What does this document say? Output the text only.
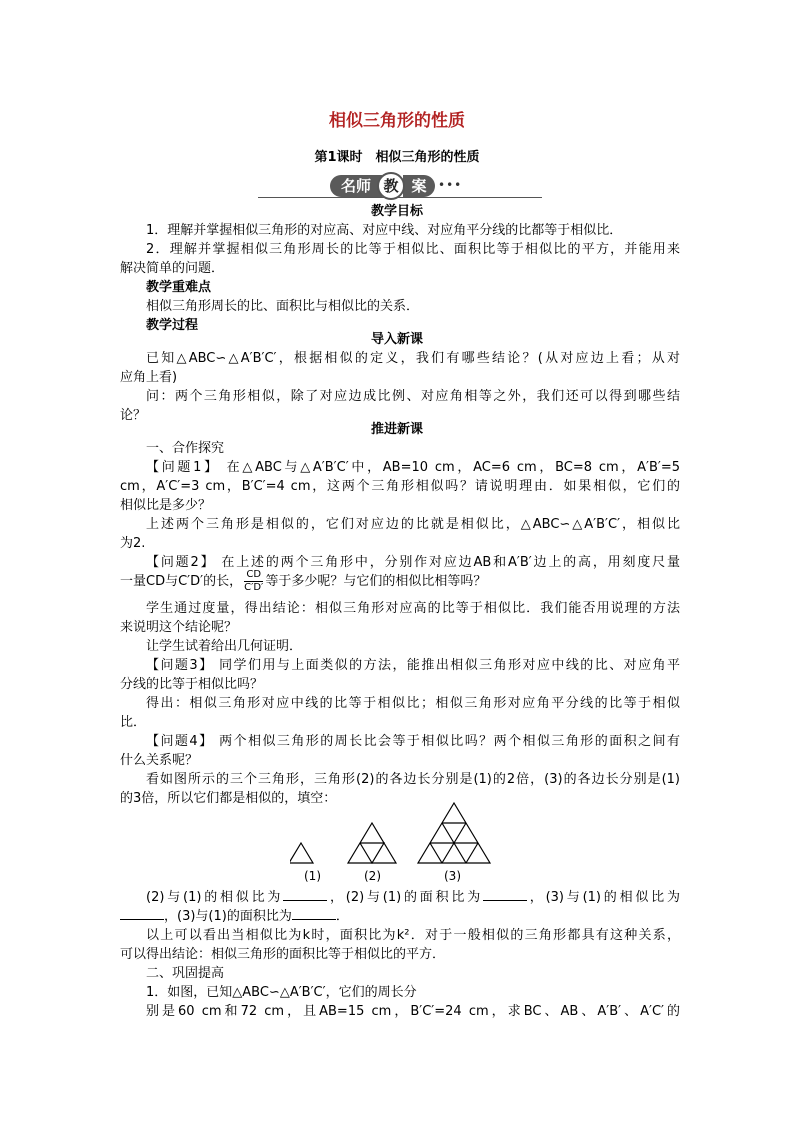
相似三角形的性质
第1课时　相似三角形的性质
名师	案
教	•••
教学目标
1．理解并掌握相似三角形的对应高、对应中线、对应角平分线的比都等于相似比．
2．理解并掌握相似三角形周长的比等于相似比、面积比等于相似比的平方，并能用来
解决简单的问题．
教学重难点
相似三角形周长的比、面积比与相似比的关系．
教学过程
导入新课
已知△ABC∽△A′B′C′，根据相似的定义，我们有哪些结论？(从对应边上看；从对
应角上看)
问：两个三角形相似，除了对应边成比例、对应角相等之外，我们还可以得到哪些结
论？
推进新课
一、合作探究
【问题1】 在△ABC与△A′B′C′中，AB=10 cm，AC=6 cm，BC=8 cm，A′B′=5
cm，A′C′=3 cm，B′C′=4 cm，这两个三角形相似吗？请说明理由．如果相似，它们的
相似比是多少？
上述两个三角形是相似的，它们对应边的比就是相似比，△ABC∽△A′B′C′，相似比
为2.
【问题2】 在上述的两个三角形中，分别作对应边AB和A′B′边上的高，用刻度尺量
一量CD与C′D′的长， $\frac{CD}{C'D'}$ 等于多少呢？与它们的相似比相等吗？
学生通过度量，得出结论：相似三角形对应高的比等于相似比．我们能否用说理的方法
来说明这个结论呢？
让学生试着给出几何证明．
【问题3】 同学们用与上面类似的方法，能推出相似三角形对应中线的比、对应角平
分线的比等于相似比吗？
得出：相似三角形对应中线的比等于相似比；相似三角形对应角平分线的比等于相似
比．
【问题4】 两个相似三角形的周长比会等于相似比吗？两个相似三角形的面积之间有
什么关系呢？
看如图所示的三个三角形，三角形(2)的各边长分别是(1)的2倍，(3)的各边长分别是(1)
的3倍，所以它们都是相似的，填空：
(1)	(2)	(3)
(2)与(1)的相似比为	，(2)与(1)的面积比为	，(3)与(1)的相似比为
，(3)与(1)的面积比为	．
以上可以看出当相似比为k时，面积比为k²．对于一般相似的三角形都具有这种关系，
可以得出结论：相似三角形的面积比等于相似比的平方．
二、巩固提高
1．如图，已知△ABC∽△A′B′C′，它们的周长分
别是60 cm和72 cm，且AB=15 cm，B′C′=24 cm，求BC、AB、A′B′、A′C′的
